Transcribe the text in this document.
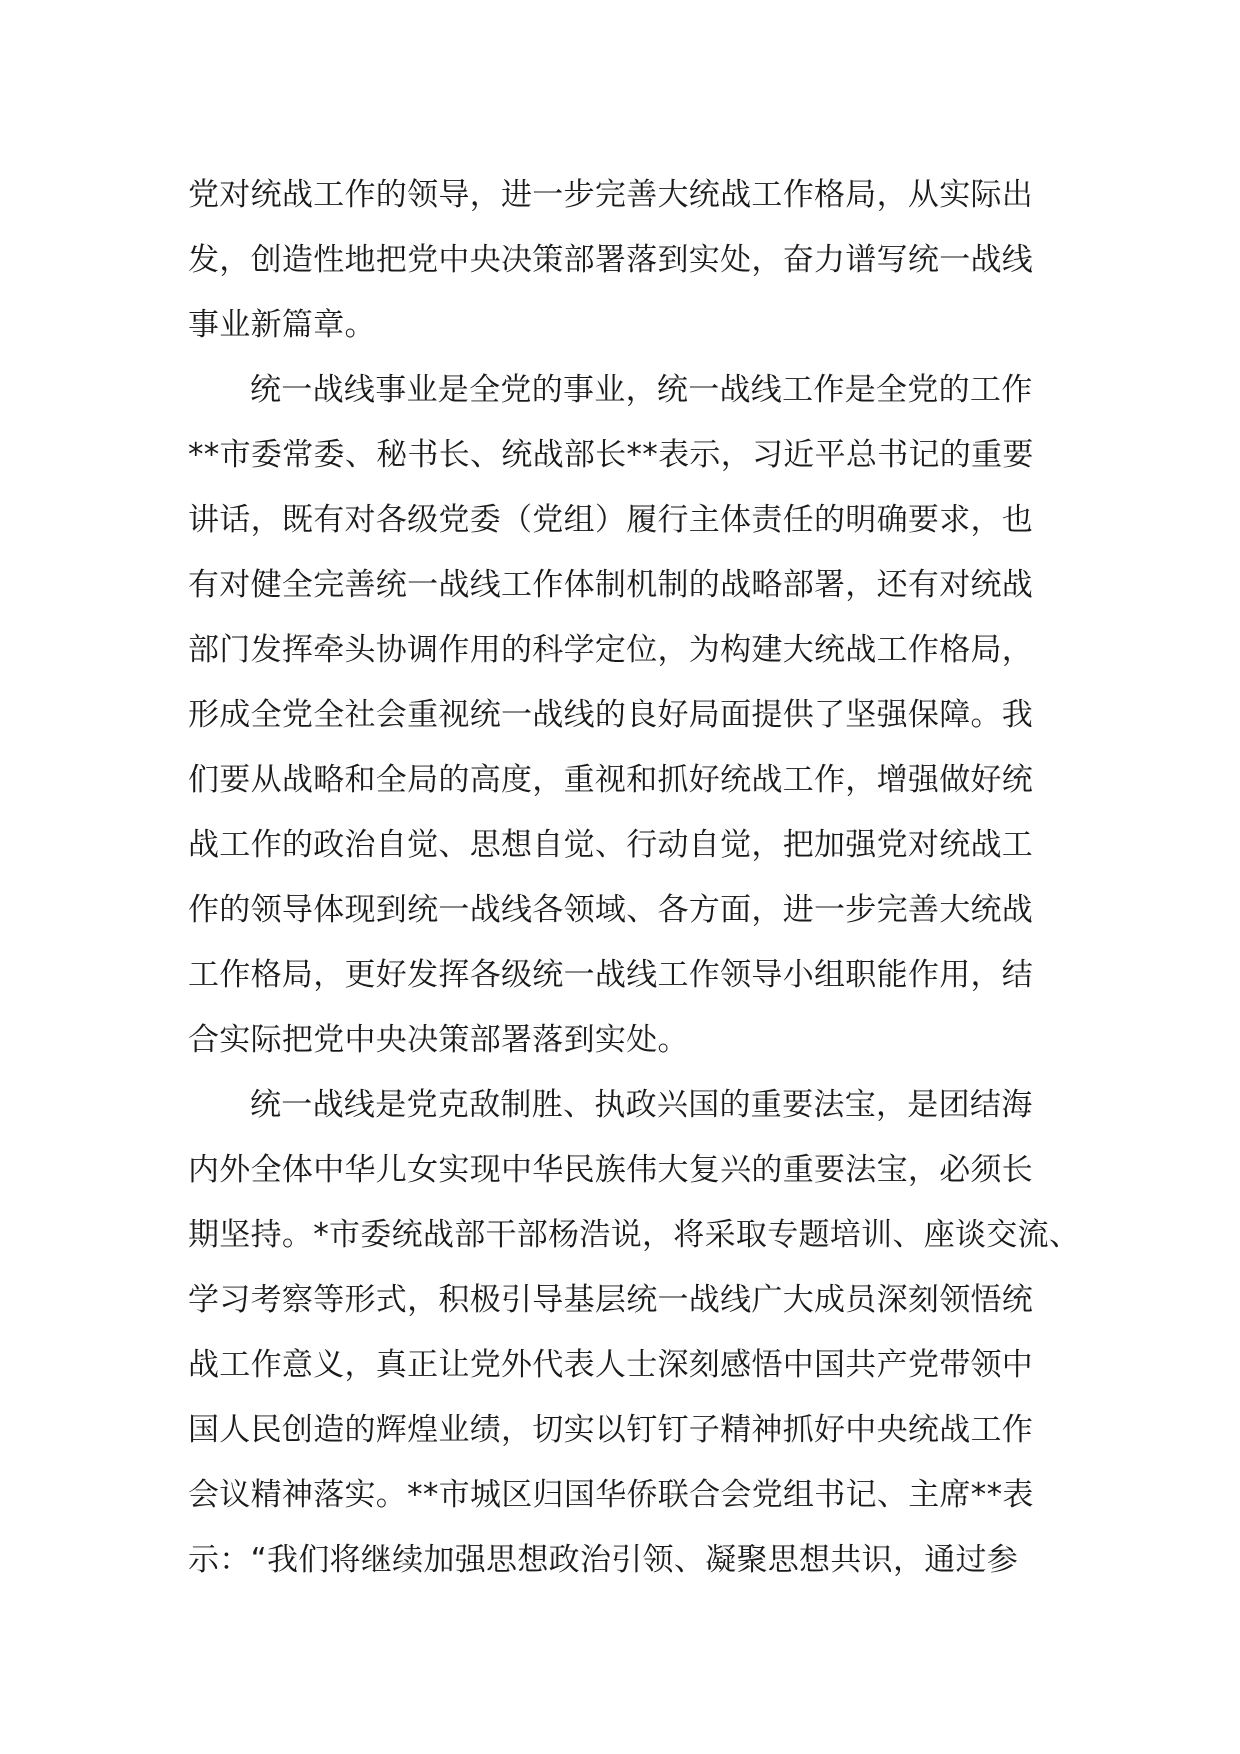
党对统战工作的领导，进一步完善大统战工作格局，从实际出
发，创造性地把党中央决策部署落到实处，奋力谱写统一战线
事业新篇章。
统一战线事业是全党的事业，统一战线工作是全党的工作
**市委常委、秘书长、统战部长**表示，习近平总书记的重要
讲话，既有对各级党委（党组）履行主体责任的明确要求，也
有对健全完善统一战线工作体制机制的战略部署，还有对统战
部门发挥牵头协调作用的科学定位，为构建大统战工作格局，
形成全党全社会重视统一战线的良好局面提供了坚强保障。我
们要从战略和全局的高度，重视和抓好统战工作，增强做好统
战工作的政治自觉、思想自觉、行动自觉，把加强党对统战工
作的领导体现到统一战线各领域、各方面，进一步完善大统战
工作格局，更好发挥各级统一战线工作领导小组职能作用，结
合实际把党中央决策部署落到实处。
统一战线是党克敌制胜、执政兴国的重要法宝，是团结海
内外全体中华儿女实现中华民族伟大复兴的重要法宝，必须长
期坚持。*市委统战部干部杨浩说，将采取专题培训、座谈交流、
学习考察等形式，积极引导基层统一战线广大成员深刻领悟统
战工作意义，真正让党外代表人士深刻感悟中国共产党带领中
国人民创造的辉煌业绩，切实以钉钉子精神抓好中央统战工作
会议精神落实。**市城区归国华侨联合会党组书记、主席**表
示：“我们将继续加强思想政治引领、凝聚思想共识，通过参
